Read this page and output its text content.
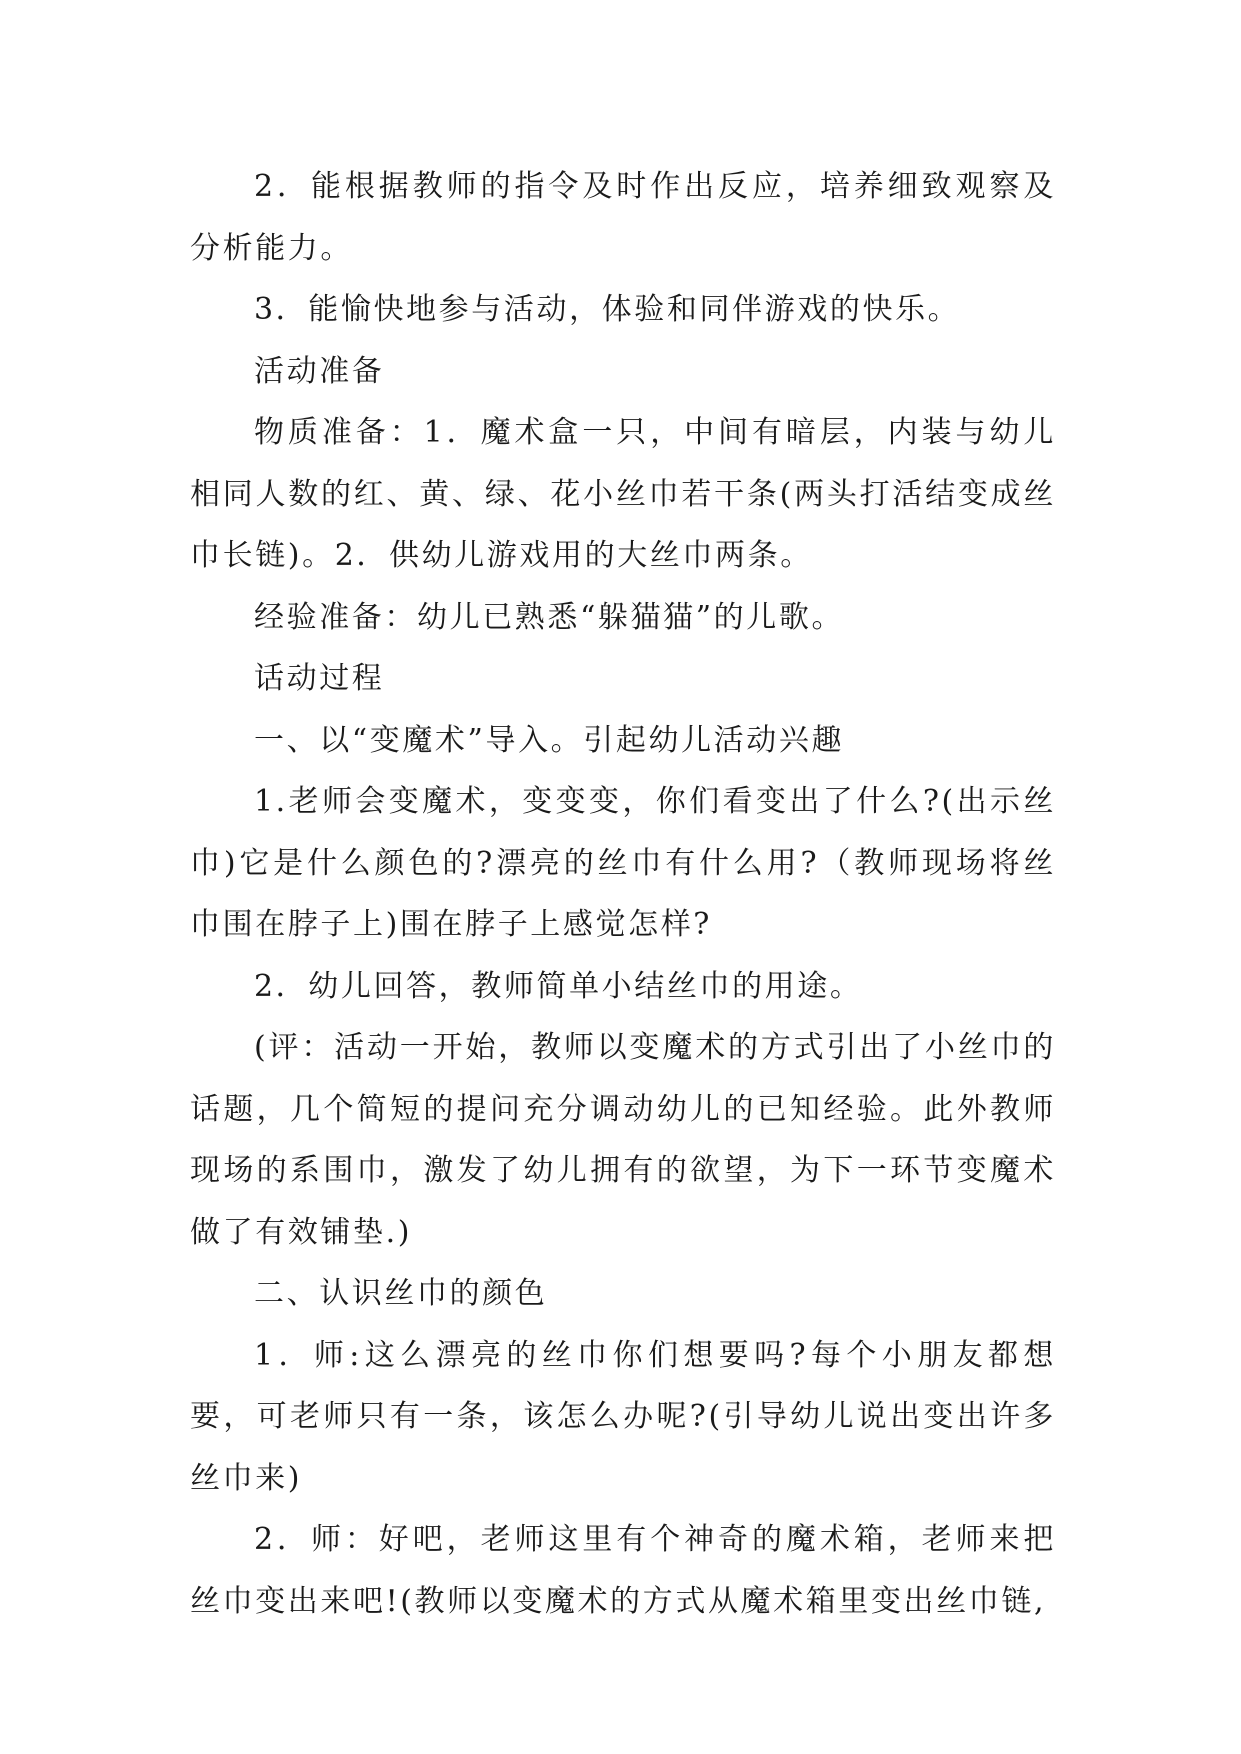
2．能根据教师的指令及时作出反应，培养细致观察及分析能力。

3．能愉快地参与活动，体验和同伴游戏的快乐。

活动准备

物质准备：1．魔术盒一只，中间有暗层，内装与幼儿相同人数的红、黄、绿、花小丝巾若干条(两头打活结变成丝巾长链)。2．供幼儿游戏用的大丝巾两条。

经验准备：幼儿已熟悉“躲猫猫”的儿歌。

话动过程

一、以“变魔术”导入。引起幼儿活动兴趣

1.老师会变魔术，变变变，你们看变出了什么?(出示丝巾)它是什么颜色的?漂亮的丝巾有什么用?（教师现场将丝巾围在脖子上)围在脖子上感觉怎样?

2．幼儿回答，教师简单小结丝巾的用途。

(评：活动一开始，教师以变魔术的方式引出了小丝巾的话题，几个简短的提问充分调动幼儿的已知经验。此外教师现场的系围巾，激发了幼儿拥有的欲望，为下一环节变魔术做了有效铺垫.)

二、认识丝巾的颜色

1．师:这么漂亮的丝巾你们想要吗?每个小朋友都想要，可老师只有一条，该怎么办呢?(引导幼儿说出变出许多丝巾来)

2．师：好吧，老师这里有个神奇的魔术箱，老师来把丝巾变出来吧!(教师以变魔术的方式从魔术箱里变出丝巾链,
